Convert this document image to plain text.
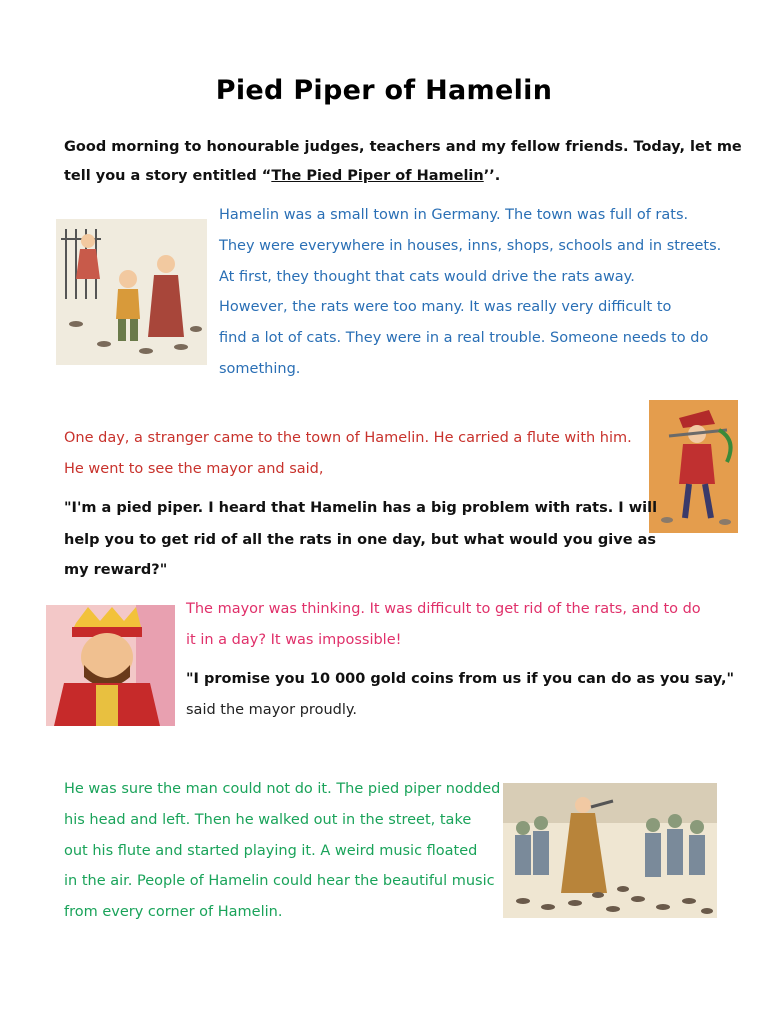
Pied Piper of Hamelin
Good morning to honourable judges, teachers and my fellow friends. Today, let me
tell you a story entitled “The Pied Piper of Hamelin’’.
Hamelin was a small town in Germany. The town was full of rats.
They were everywhere in houses, inns, shops, schools and in streets.
At first, they thought that cats would drive the rats away.
However, the rats were too many. It was really very difficult to
find a lot of cats. They were in a real trouble. Someone needs to do
something.
One day, a stranger came to the town of Hamelin. He carried a flute with him.
He went to see the mayor and said,
"I'm a pied piper. I heard that Hamelin has a big problem with rats. I will
help you to get rid of all the rats in one day, but what would you give as
my reward?"
The mayor was thinking. It was difficult to get rid of the rats, and to do
it in a day? It was impossible!
"I promise you 10 000 gold coins from us if you can do as you say,"
said the mayor proudly.
He was sure the man could not do it. The pied piper nodded
his head and left. Then he walked out in the street, take
out his flute and started playing it. A weird music floated
in the air. People of Hamelin could hear the beautiful music
from every corner of Hamelin.
